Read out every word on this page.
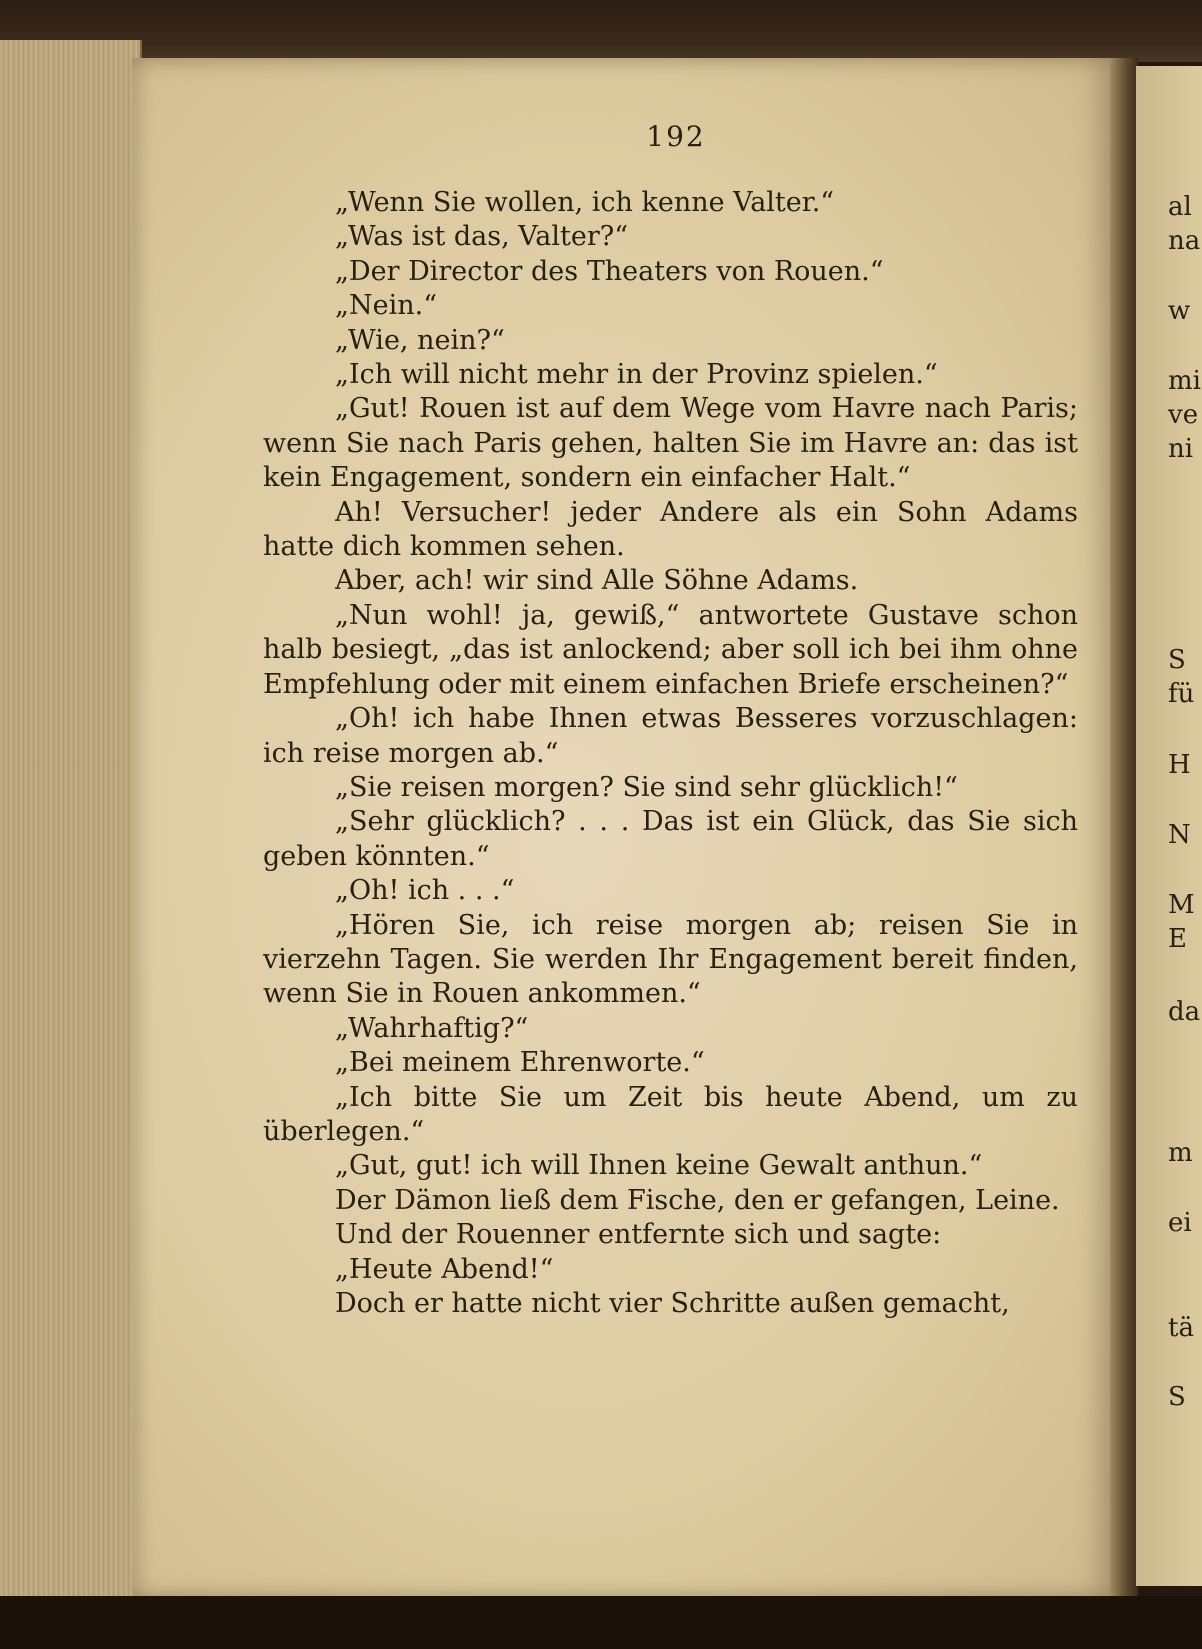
192

„Wenn Sie wollen, ich kenne Valter.“

„Was ist das, Valter?“

„Der Director des Theaters von Rouen.“

„Nein.“

„Wie, nein?“

„Ich will nicht mehr in der Provinz spielen.“

„Gut! Rouen ist auf dem Wege vom Havre nach Paris; wenn Sie nach Paris gehen, halten Sie im Havre an: das ist kein Engagement, sondern ein einfacher Halt.“

Ah! Versucher! jeder Andere als ein Sohn Adams hatte dich kommen sehen.

Aber, ach! wir sind Alle Söhne Adams.

„Nun wohl! ja, gewiß,“ antwortete Gustave schon halb besiegt, „das ist anlockend; aber soll ich bei ihm ohne Empfehlung oder mit einem einfachen Briefe erscheinen?“

„Oh! ich habe Ihnen etwas Besseres vorzuschlagen: ich reise morgen ab.“

„Sie reisen morgen? Sie sind sehr glücklich!“

„Sehr glücklich? . . . Das ist ein Glück, das Sie sich geben könnten.“

„Oh! ich . . .“

„Hören Sie, ich reise morgen ab; reisen Sie in vierzehn Tagen. Sie werden Ihr Engagement bereit finden, wenn Sie in Rouen ankommen.“

„Wahrhaftig?“

„Bei meinem Ehrenworte.“

„Ich bitte Sie um Zeit bis heute Abend, um zu überlegen.“

„Gut, gut! ich will Ihnen keine Gewalt anthun.“

Der Dämon ließ dem Fische, den er gefangen, Leine.

Und der Rouenner entfernte sich und sagte:

„Heute Abend!“

Doch er hatte nicht vier Schritte außen gemacht,

al
na
w
mi
ve
ni
S
fü
H
N
M
E
da
m
ei
tä
S
